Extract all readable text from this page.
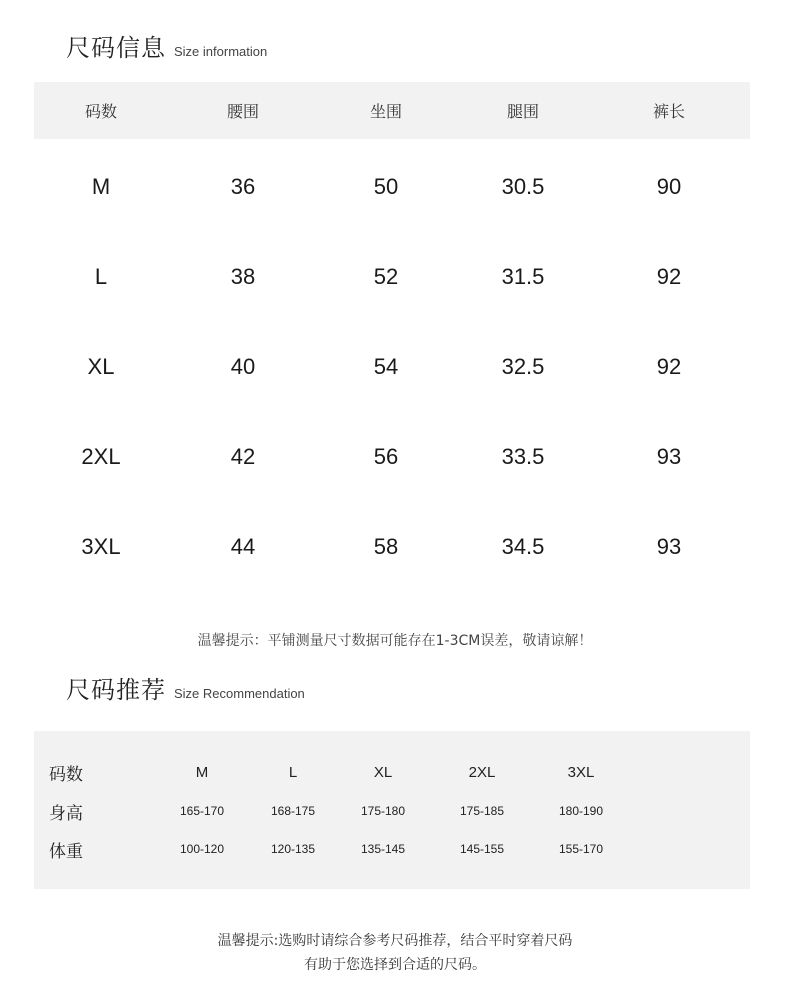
尺码信息 Size information
码数	腰围	坐围	腿围	裤长
M	36	50	30.5	90
L	38	52	31.5	92
XL	40	54	32.5	92
2XL	42	56	33.5	93
3XL	44	58	34.5	93
温馨提示：平铺测量尺寸数据可能存在1-3CM误差，敬请谅解！
尺码推荐 Size Recommendation
码数	M	L	XL	2XL	3XL
身高	165-170	168-175	175-180	175-185	180-190
体重	100-120	120-135	135-145	145-155	155-170
温馨提示:选购时请综合参考尺码推荐，结合平时穿着尺码
有助于您选择到合适的尺码。
